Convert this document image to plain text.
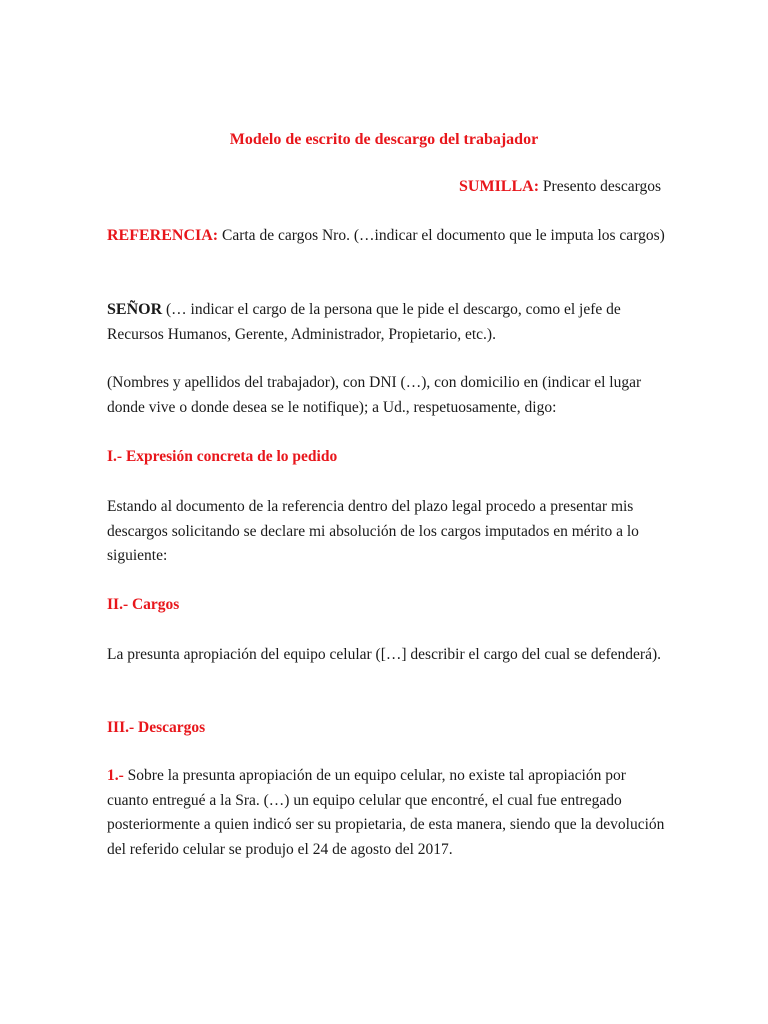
Modelo de escrito de descargo del trabajador
SUMILLA: Presento descargos
REFERENCIA: Carta de cargos Nro. (…indicar el documento que le imputa los cargos)
SEÑOR (… indicar el cargo de la persona que le pide el descargo, como el jefe de Recursos Humanos, Gerente, Administrador, Propietario, etc.).
(Nombres y apellidos del trabajador), con DNI (…), con domicilio en (indicar el lugar donde vive o donde desea se le notifique); a Ud., respetuosamente, digo:
I.- Expresión concreta de lo pedido
Estando al documento de la referencia dentro del plazo legal procedo a presentar mis descargos solicitando se declare mi absolución de los cargos imputados en mérito a lo siguiente:
II.- Cargos
La presunta apropiación del equipo celular ([…] describir el cargo del cual se defenderá).
III.- Descargos
1.- Sobre la presunta apropiación de un equipo celular, no existe tal apropiación por cuanto entregué a la Sra. (…) un equipo celular que encontré, el cual fue entregado posteriormente a quien indicó ser su propietaria, de esta manera, siendo que la devolución del referido celular se produjo el 24 de agosto del 2017.
